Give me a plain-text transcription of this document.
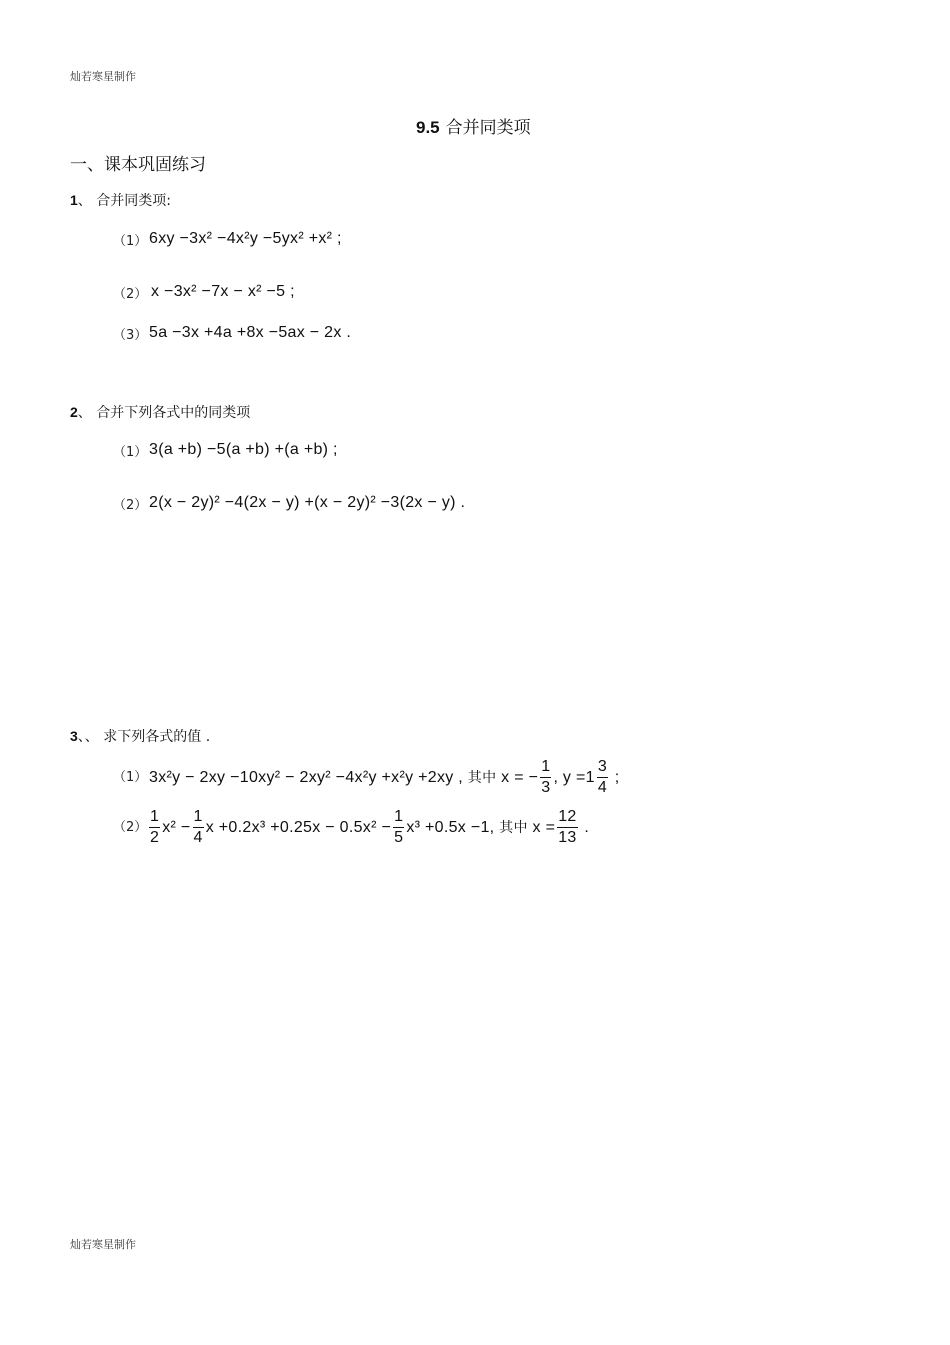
灿若寒星制作
9.5 合并同类项
一、课本巩固练习
1、 合并同类项:
（1） 6xy −3x² −4x²y −5yx² +x² ;
（2） x −3x² −7x − x² −5 ;
（3） 5a −3x +4a +8x −5ax − 2x .
2、 合并下列各式中的同类项
（1） 3(a +b) −5(a +b) +(a +b) ;
（2） 2(x − 2y)² −4(2x − y) +(x − 2y)² −3(2x − y) .
3、、 求下列各式的值 .
（1） 3x²y − 2xy −10xy² − 2xy² −4x²y +x²y +2xy , 其中 x = − $\frac{1}{3}$ , $y =1 \frac{3}{4}$ ;
$(2) \frac{1}{2} x^2 - \frac{1}{4}$ $x +0.2x^3 +0.25x - 0.5x^2 - \frac{1}{5} x^3 +0.5x -1$, 其中 $x = \frac{12}{13}$ .
灿若寒星制作
